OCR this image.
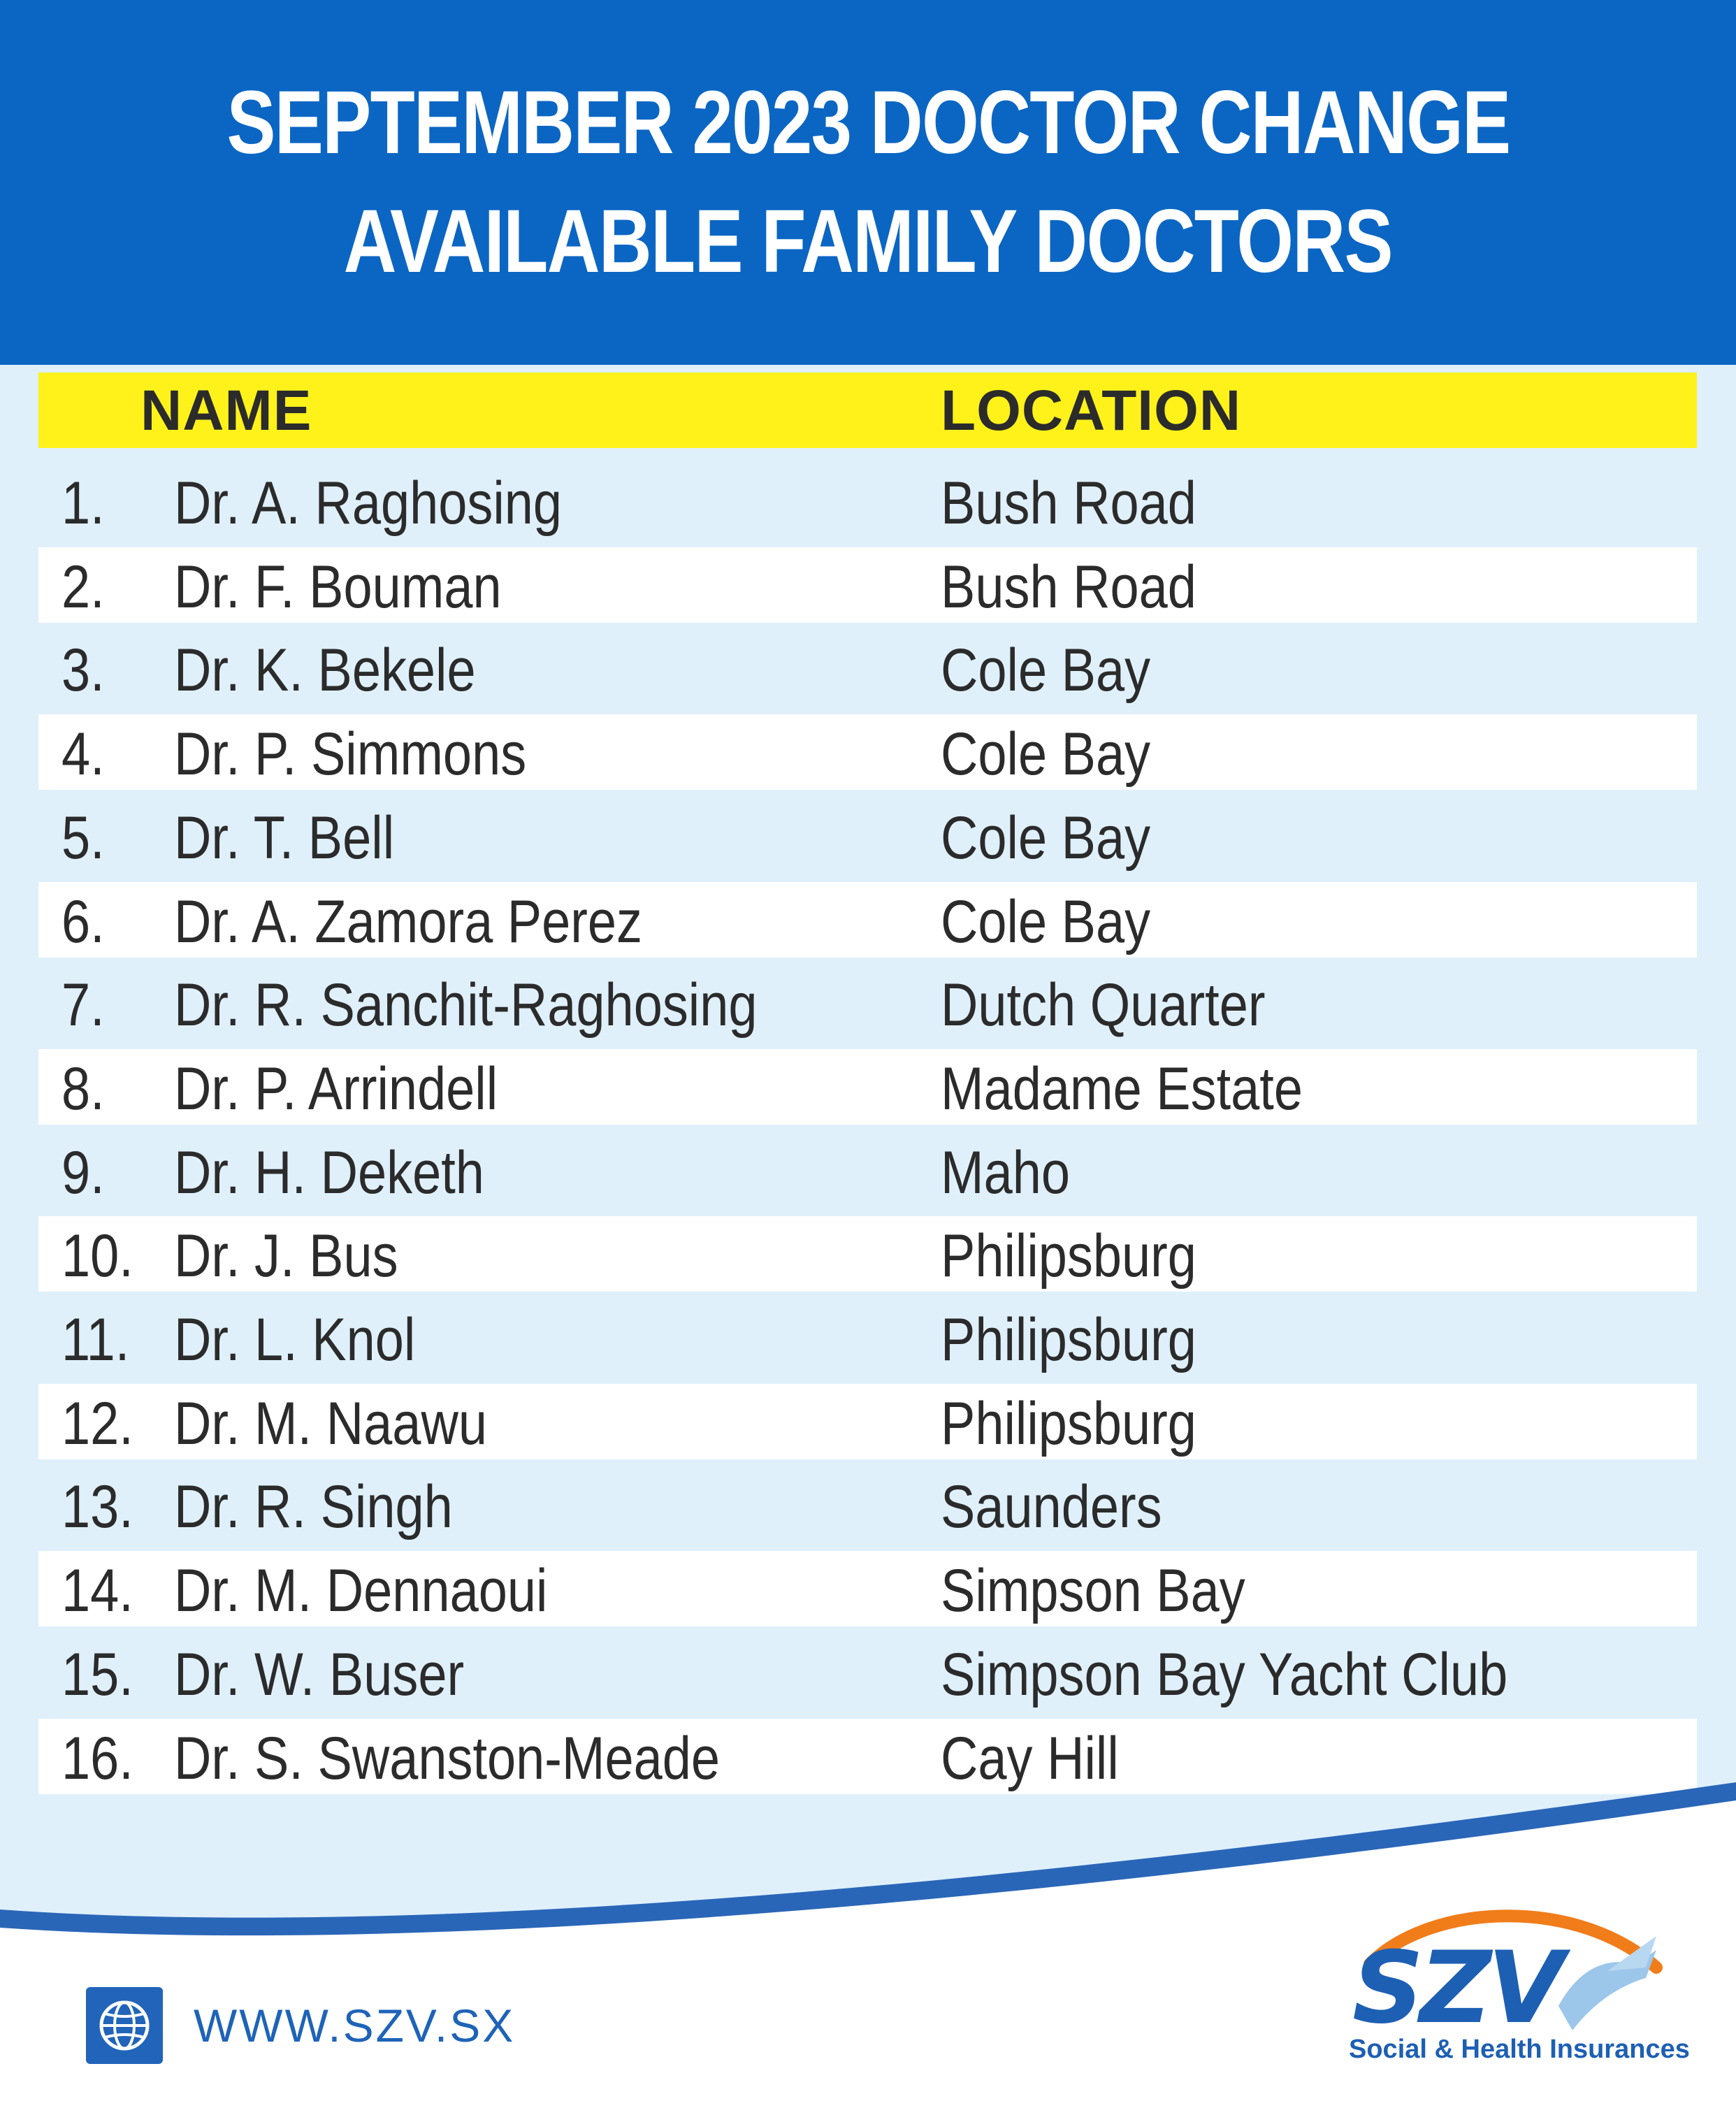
SEPTEMBER 2023 DOCTOR CHANGE
AVAILABLE FAMILY DOCTORS
NAME	LOCATION
1. Dr. A. Raghosing	Bush Road
2. Dr. F. Bouman	Bush Road
3. Dr. K. Bekele	Cole Bay
4. Dr. P. Simmons	Cole Bay
5. Dr. T. Bell	Cole Bay
6. Dr. A. Zamora Perez	Cole Bay
7. Dr. R. Sanchit-Raghosing	Dutch Quarter
8. Dr. P. Arrindell	Madame Estate
9. Dr. H. Deketh	Maho
10. Dr. J. Bus	Philipsburg
11. Dr. L. Knol	Philipsburg
12. Dr. M. Naawu	Philipsburg
13. Dr. R. Singh	Saunders
14. Dr. M. Dennaoui	Simpson Bay
15. Dr. W. Buser	Simpson Bay Yacht Club
16. Dr. S. Swanston-Meade	Cay Hill
WWW.SZV.SX	SZV
Social & Health Insurances
